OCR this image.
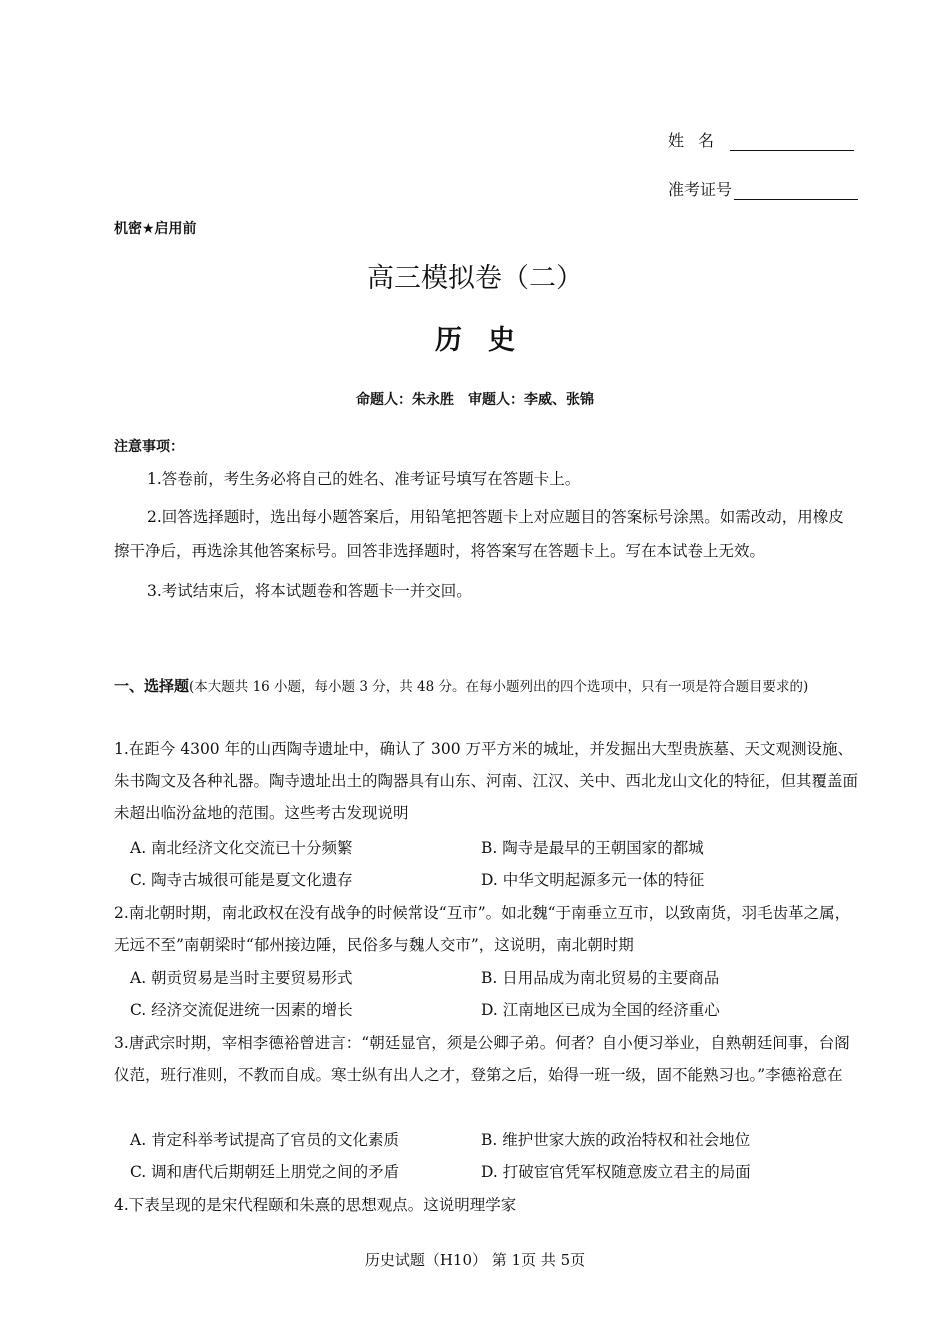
姓名
准考证号
机密★启用前
高三模拟卷（二）
历史
命题人：朱永胜　审题人：李威、张锦
注意事项：
1.答卷前，考生务必将自己的姓名、准考证号填写在答题卡上。
2.回答选择题时，选出每小题答案后，用铅笔把答题卡上对应题目的答案标号涂黑。如需改动，用橡皮擦干净后，再选涂其他答案标号。回答非选择题时，将答案写在答题卡上。写在本试卷上无效。
3.考试结束后，将本试题卷和答题卡一并交回。
一、选择题(本大题共 16 小题，每小题 3 分，共 48 分。在每小题列出的四个选项中，只有一项是符合题目要求的)
1.在距今 4300 年的山西陶寺遗址中，确认了 300 万平方米的城址，并发掘出大型贵族墓、天文观测设施、朱书陶文及各种礼器。陶寺遗址出土的陶器具有山东、河南、江汉、关中、西北龙山文化的特征，但其覆盖面未超出临汾盆地的范围。这些考古发现说明
A. 南北经济文化交流已十分频繁	B. 陶寺是最早的王朝国家的都城
C. 陶寺古城很可能是夏文化遗存	D. 中华文明起源多元一体的特征
2.南北朝时期，南北政权在没有战争的时候常设“互市”。如北魏“于南垂立互市，以致南货，羽毛齿革之属，无远不至”南朝梁时“郁州接边陲，民俗多与魏人交市”，这说明，南北朝时期
A. 朝贡贸易是当时主要贸易形式	B. 日用品成为南北贸易的主要商品
C. 经济交流促进统一因素的增长	D. 江南地区已成为全国的经济重心
3.唐武宗时期，宰相李德裕曾进言：“朝廷显官，须是公卿子弟。何者？自小便习举业，自熟朝廷间事，台阁仪范，班行准则，不教而自成。寒士纵有出人之才，登第之后，始得一班一级，固不能熟习也。”李德裕意在
A. 肯定科举考试提高了官员的文化素质	B. 维护世家大族的政治特权和社会地位
C. 调和唐代后期朝廷上朋党之间的矛盾	D. 打破宦官凭军权随意废立君主的局面
4.下表呈现的是宋代程颐和朱熹的思想观点。这说明理学家
历史试题（H10） 第 1页 共 5页
